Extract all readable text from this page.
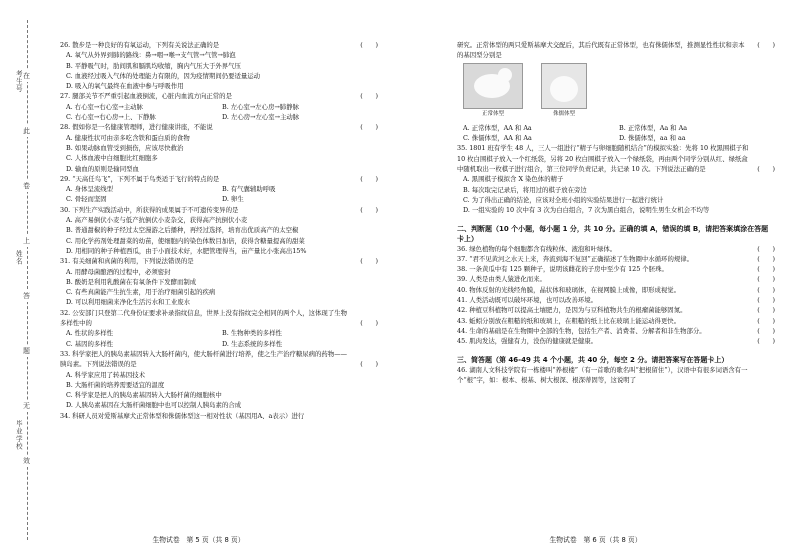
在
此
卷
上
答
题
无
效
考生号
姓名
毕业学校
26. 散步是一种良好的有氧运动，下列有关说法正确的是	(　　)
A. 氧气从外界到肺的路线：鼻→咽→喉→支气管→气管→肺泡
B. 平静吸气时，肋间肌和膈肌均收缩，胸内气压大于外界气压
C. 血液经过吸入气体的处理能力有限的，因为疫情期间仍要适量运动
D. 吸入的氧气最终在血液中参与呼吸作用
27. 腿部关节不严重引起血液倒流，心脏内血流方向正常的是	(　　)
A. 右心室→右心室→主动脉	B. 左心室→左心房→肺静脉
C. 右心室→右心房→上、下静脉	D. 左心房→左心室→主动脉
28. 假如你是一名健康管理师，进行健康讲座，不能说	(　　)
A. 健康性状可由亲多吃含铁和蛋白质的食物
B. 如果动脉血管受到损伤，应该尽快救治
C. 人体血液中白细胞比红细胞多
D. 输血的原则是输同型血
29. “天高任鸟飞”，下列不属于鸟类适于飞行的特点的是	(　　)
A. 身体呈流线型	B. 有气囊辅助呼吸
C. 骨轻而坚固	D. 卵生
30. 下列生产实践活动中，所获得的成果属于不可遗传变异的是	(　　)
A. 高产易倒伏小麦与低产抗倒伏小麦杂交，获得高产抗倒伏小麦
B. 普通甜椒的种子经过太空漫游之后播种，再经过选择，培育出优质高产的太空椒
C. 用化学药剂处理甜菜的幼苗，使细胞内的染色体数目加倍，获得含糖量提高的甜菜
D. 用相同的种子种植西瓜，由于小面技术好，水肥管理得当，亩产量比小张高出15%
31. 有关细菌和真菌的利用，下列说法错误的是	(　　)
A. 用酵母菌酿酒的过程中，必须密封
B. 酸奶是利用乳酸菌在有氧条件下发酵而制成
C. 有些真菌能产生抗生素，用于治疗细菌引起的疾病
D. 可以利用细菌来净化生活污水和工业废水
32. 公安部门只登第二代身份证要求补录指纹信息，世界上没有指纹完全相同的两个人，这体现了生物多样性中的	(　　)
A. 性状的多样性	B. 生物种类的多样性
C. 基因的多样性	D. 生态系统的多样性
33. 科学家把人的胰岛素基因转入大肠杆菌内，使大肠杆菌进行培养，使之生产治疗糖尿病的药物——胰岛素。下列说法错误的是	(　　)
A. 科学家应用了转基因技术
B. 大肠杆菌的培养需要适宜的温度
C. 科学家是把人的胰岛素基因转入大肠杆菌的细胞核中
D. 人胰岛素基因在大肠杆菌细胞中也可以控制人胰岛素的合成
34. 科研人员对爱斯基摩犬正常体型和侏儒体型这一相对性状（基因用A、a表示）进行
生物试卷　第 5 页（共 8 页）
研究。正常体型的两只爱斯基摩犬交配后，其后代既有正常体型，也有侏儒体型，推测显性性状和亲本的基因型分别是
(　　)
正常体型	侏儒体型
A. 正常体型，AA 和 Aa	B. 正常体型，Aa 和 Aa
C. 侏儒体型，AA 和 Aa	D. 侏儒体型，aa 和 aa
35. 1801 班有学生 48 人，三人一组进行“精子与卵细胞随机结合”的模拟实验：先将 10 枚黑围棋子和 10 枚白围棋子放入一个红纸袋，另将 20 枚白围棋子放入一个绿纸袋，再由两个同学分别从红、绿纸盒中随机取出一枚棋子进行组合，第三位同学负责记录，共记录 10 次。下列说法正确的是	(　　)
A. 黑围棋子模拟含 X 染色体的精子
B. 每次取完记录后，将用过的棋子放在旁边
C. 为了得出正确的结论，应该对全班小组的实验结果进行一起进行统计
D. 一组实验的 10 次中有 3 次为白白组合，7 次为黑白组合，说明生男生女机会不均等
二、判断题（10 个小题，每小题 1 分，共 10 分。正确的填 A，错误的填 B，请把答案填涂在答题卡上）
36. 绿色植物的每个细胞都含有线粒体、液泡和叶绿体。	(　　)
37. “君不见黄河之水天上来，奔流到海不复回”正确描述了生物圈中水循环的规律。	(　　)
38. 一条黄瓜中有 125 颗种子，说明该雌花的子房中至少有 125 个胚珠。	(　　)
39. 人类是由类人猿进化而来。	(　　)
40. 物体反射的光线经角膜，晶状体和玻璃体，在视网膜上成像，即形成视觉。	(　　)
41. 人类活动既可以破坏环境，也可以改善环境。	(　　)
42. 种植豆科植物可以提高土壤肥力，是因为与豆科植物共生的根瘤菌能够固氮。	(　　)
43. 蚯蚓分别放在粗糙的纸和玻璃上，在粗糙的纸上比在玻璃上能运动得更快。	(　　)
44. 生命的基础是在生物圈中全部的生物，包括生产者、消费者、分解者和非生物部分。	(　　)
45. 肌肉发达，强健有力，没伤的健康就是健康。	(　　)
三、简答题（第 46-49 共 4 个小题，共 40 分，每空 2 分。请把答案写在答题卡上）
46. 湖南人文科技学院有一栋楼叫“养根楼”（有一首歌的歌名叫“把根留住”），汉语中有很多词语含有一个“根”字，如：根本、根基、树大根深、根深蒂固等，这说明了
生物试卷　第 6 页（共 8 页）
